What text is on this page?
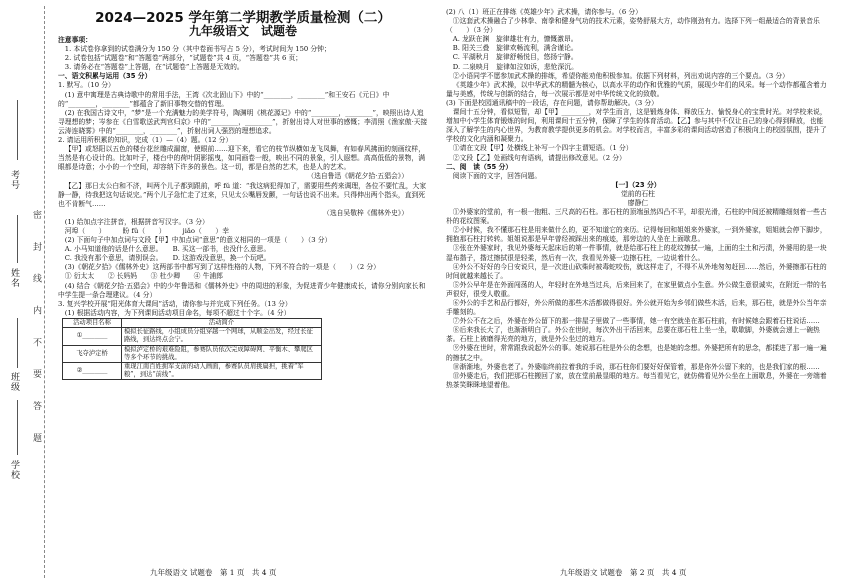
考号
姓名
班级
学校
密 封 线 内 不 要 答 题
2024—2025 学年第二学期教学质量检测（二）
九年级语文　试题卷

注意事项：

1. 本试卷你拿到的试卷满分为 150 分（其中卷面书写占 5 分），考试时间为 150 分钟；

2. 试卷包括“试题卷”和“答题卷”两部分，“试题卷”共 4 页，“答题卷”共 6 页；

3. 请务必在“答题卷”上答题，在“试题卷”上答题是无效的。

一、语文积累与运用（35 分）

1. 默写。（10 分）

(1) 意中寓理是古典诗歌中的常用手法，王湾《次北固山下》中的“________，________”和王安石《元日》中的“________，________”都蕴含了新旧事物交替的哲理。

(2) 在我国古诗文中，“梦”是一个充满魅力的美学符号，陶渊明《桃花源记》中的“________，________”，映照出诗人追寻理想的梦；岑参在《白雪歌送武判官归京》中的“________，________”，折射出诗人对世事的感慨；李清照《渔家傲·天接云涛连晓雾》中的“________，________”，折射出词人强烈的理想追求。

2. 请运用所积累的知识，完成（1）—（4）题。（12 分）

【甲】或怒阳以五色的楼台花丝雕成漏窗，使眼前……迎下来，看它的枝节纵横如龙飞凤舞，有如春风拂面的刻画纹样，当然是有心设计的。比如叶子，楼台中的荷叶阴影摇曳，如同画卷一般，映出不同的景象，引人遐想。高高低低的景物，满眼都是诗意；小小的一个空间，却容纳下许多的景色。这一切，都是自然的艺术，也是人的艺术。

（选自鲁迅《朝花夕拾·五猖会》）

【乙】那日太公白和不济，叫两个儿子都到跟前，呼 fǔ 道：“我这病犯得加了，需要用些药来调理，各位不要忙乱，大家静一静，待我把这句话说完。”两个儿子急忙走了过来，只见太公嘴唇发颤，一句话也说不出来。只得伸出两个指头，直到死也不肯断气……

（选自吴敬梓《儒林外史》）

(1) 给加点字注拼音，根据拼音写汉字。（3 分）

河埠（　　）　　　盼 fǔ（　　）　　　jiǎo（　　）幸

(2) 下面句子中加点词与文段【甲】中加点词“意思”的意义相同的一项是（　　）（3 分）

A. 小马知道他的话是什么意思。　　B. 买这一部书，也没什么意思。

C. 我没有那个意思，请别误会。　　D. 这游戏没意思，换一个玩吧。

(3)《朝花夕拾》《儒林外史》这两部书中都写到了这样性格的人物，下列不符合的一项是（　　）（2 分）

① 衍太太　　② 长妈妈　　③ 杜少卿　　④ 牛浦郎

(4) 结合《朝花夕拾·五猖会》中的少年鲁迅和《儒林外史》中的周进的形象，为促进青少年健康成长，请你分别向家长和中学生提一条合理建议。（4 分）

3. 复兴学校开展“阳光体育大课间”活动，请你参与并完成下列任务。（13 分）

(1) 根据活动内容，为下列课间活动项目命名，每项不超过十个字。（4 分）

活动项目名称	活动简介
①________	模拟长征路线，小组成员分组穿越一个网球，从顺金出发，经过长征路线，到达终点会宁。
飞夺泸定桥	模拟泸定桥的艰难险阻，参赛队员依次完成障碍网、平衡木、攀爬区等多个环节的挑战。
②________	重现江南百姓拥军支前的动人画面，参赛队员肩挑扁担，挑着“军粮”，到达“前线”。

(2) 八（1）班正在排练《英雄少年》武术操，请你参与。（6 分）

①这套武术操融合了少林拳、南拳和健身气功的技术元素，姿势舒展大方，动作刚劲有力。选择下列一组最适合的背景音乐（　　）（3 分）

A. 龙跃在渊　旋律雄壮有力，慷慨激昂。

B. 阳关三叠　旋律欢畅流利，满含谨论。

C. 平湖秋月　旋律舒畅悦目，悠扬宁静。

D. 二泉映月　旋律如泣如诉，悲怆深沉。

②小语同学不愿参加武术操的排练，希望你能劝他积极参加。依据下列材料，列出劝说内容的三个要点。（3 分）

《英雄少年》武术操，以中华武术的精髓为核心，以高水平的动作和优雅的气质，展现少年们的风采。每一个动作都蕴含着力量与美感，传统与创新的结合，每一次展示都是对中华传统文化的致敬。

(3) 下面是校园通讯稿中的一段话，存在问题，请你帮助解决。（3 分）

课间十五分钟，看似短暂，却【甲】________，对学生而言，这是锻炼身体、释放压力、愉悦身心的宝贵时光。对学校来说，增加中小学生体育锻炼的时间，利用课间十五分钟，保障了学生的体育活动。【乙】参与其中不仅让自己的身心得到释放，也能深入了解学生的内心世界，为教育教学提供更多的机会。对学校而言，丰富多彩的课间活动营造了积极向上的校园氛围，提升了学校的文化内涵和凝聚力。

①请在文段【甲】处横线上补写一个四字主谓短语。（1 分）

②文段【乙】处画线句有语病，请提出修改意见。（2 分）

二、阅　读（55 分）

阅读下面的文字，回答问题。

[一]（23 分）

觉前的石柱

廖静仁

①外婆家的堂前，有一根一抱粗、三尺高的石柱。那石柱的顶端虽然四凸不平，却很光滑，石柱的中间还被精雕细刻着一些古朴的花纹图案。

②小时候，我不懂那石柱是用来做什么的，更不知道它的来历。记得每回和姐姐来外婆家，一到外婆家，姐姐就会停下脚步，拥抱那石柱打转转。姐姐说那是早年曾经被踩出来的痕迹，那旁边的人坐在上面歇息。

③张在外婆家时，我见外婆每天起床后的第一件事情，就是给那石柱上的花纹擦拭一遍，上面的尘土和污渍，外婆用的是一块湿布揩子，揩过擦拭很是轻柔，然后有一次，我看见外婆一边擦石柱，一边说着什么。

④外公不好好的今日安说只，是一次进山砍柴时被毒蛇咬伤，就这样走了，不得不从外地匆匆赶回……然后，外婆擦那石柱的时间就越来越长了。

⑤外公早年是在外面闯荡的人，年轻时在外地当过兵，后来回来了，在家里做点小生意。外公做生意很诚实，在附近一带的名声很好，很受人敬重。

⑥外公的手艺和品行都好，外公所做的那些木活都做得很好。外公就开始为乡邻们做些木活，后来，那石柱，就是外公当年亲手雕刻的。

⑦外公不在之后，外婆在外公留下的那一排屋子里做了一些事情，她一有空就坐在那石柱前，有时候她会跟着石柱说话……

⑧后来我长大了，也渐渐明白了。外公在世时，每次外出干活回来，总要在那石柱上坐一坐，歇歇脚，外婆就会递上一碗热茶。石柱上被磨得光亮的地方，就是外公坐过的地方。

⑨外婆在世时，常常跟我说起外公的事。她说那石柱是外公的念想，也是她的念想。外婆把所有的思念，都揉进了那一遍一遍的擦拭之中。

⑩渐渐地，外婆也老了。外婆临终前拉着我的手说，那石柱你们要好好保管着，那是你外公留下来的，也是我们家的根……

⑪外婆走后，我们把那石柱搬回了家，放在堂前最显眼的地方。每当看见它，就仿佛看见外公坐在上面歇息，外婆在一旁端着热茶笑眯眯地望着他。

九年级语文 试题卷　第 1 页　共 4 页	九年级语文 试题卷　第 2 页　共 4 页
